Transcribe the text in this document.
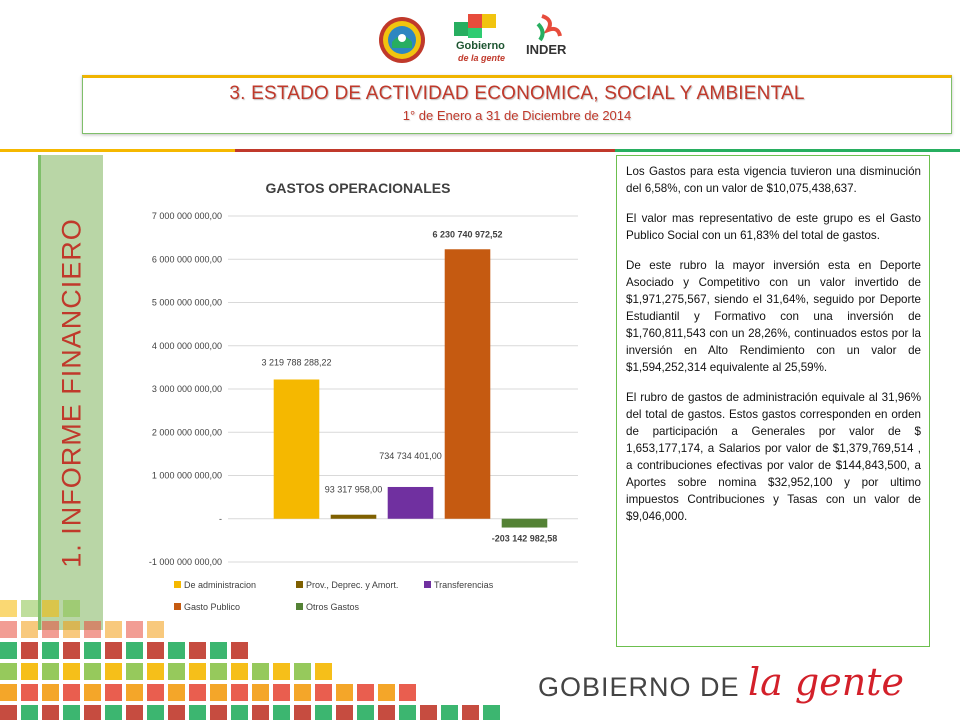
Gobierno
de la gente
INDER
3. ESTADO DE ACTIVIDAD ECONOMICA, SOCIAL Y AMBIENTAL
1° de Enero a 31 de Diciembre de 2014
1. INFORME FINANCIERO
GASTOS OPERACIONALES
7 000 000 000,00
6 000 000 000,00
5 000 000 000,00
4 000 000 000,00
3 000 000 000,00
2 000 000 000,00
1 000 000 000,00
-
-1 000 000 000,00
3 219 788 288,22
93 317 958,00
734 734 401,00
6 230 740 972,52
-203 142 982,58
De administracion	Prov., Deprec. y Amort.	Transferencias
Gasto Publico	Otros Gastos

Los Gastos para esta vigencia tuvieron una disminución del 6,58%, con un valor de $10,075,438,637.

El valor mas representativo de este grupo es el Gasto Publico Social con un 61,83% del total de gastos.

De este rubro la mayor inversión esta en Deporte Asociado y Competitivo con un valor invertido de $1,971,275,567, siendo el 31,64%, seguido por Deporte Estudiantil y Formativo con una inversión de $1,760,811,543 con un 28,26%, continuados estos por la inversión en Alto Rendimiento con un valor de $1,594,252,314 equivalente al 25,59%.

El rubro de gastos de administración equivale al 31,96% del total de gastos. Estos gastos corresponden en orden de participación a Generales por valor de $ 1,653,177,174, a Salarios por valor de $1,379,769,514 , a contribuciones efectivas por valor de $144,843,500, a Aportes sobre nomina $32,952,100 y por ultimo impuestos Contribuciones y Tasas con un valor de $9,046,000.

GOBIERNO DE la gente
